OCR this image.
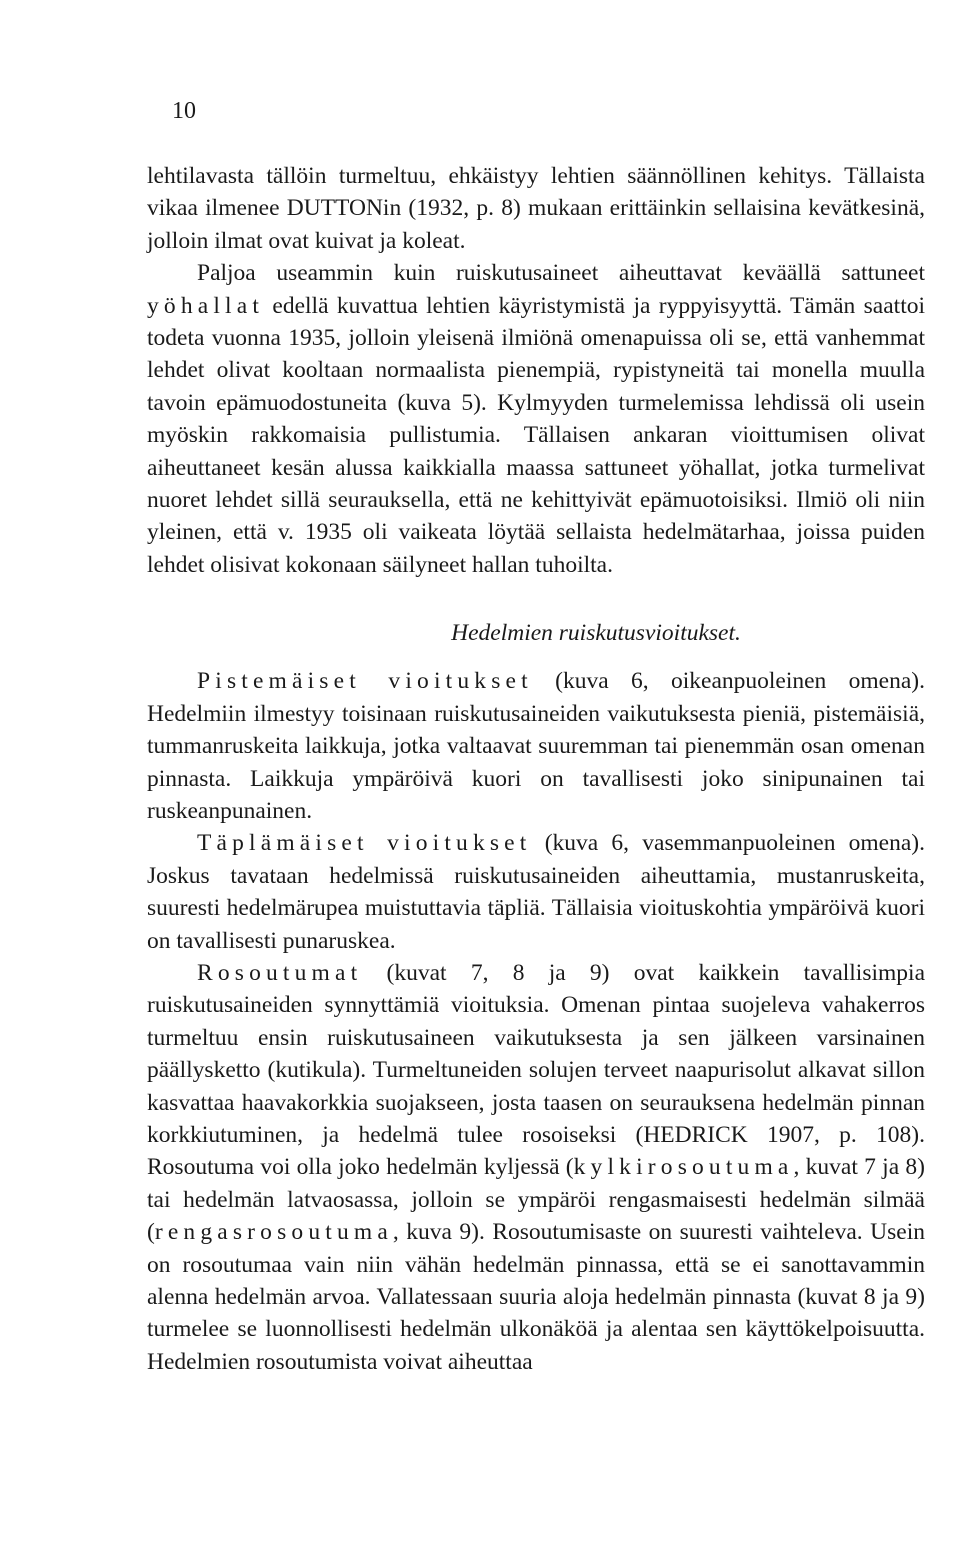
10

lehtilavasta tällöin turmeltuu, ehkäistyy lehtien säännöllinen kehitys. Tällaista vikaa ilmenee DUTTONin (1932, p. 8) mukaan erittäinkin sellaisina kevätkesinä, jolloin ilmat ovat kuivat ja koleat.

Paljoa useammin kuin ruiskutusaineet aiheuttavat keväällä sattuneet yöhallat edellä kuvattua lehtien käyristymistä ja ryppyisyyttä. Tämän saattoi todeta vuonna 1935, jolloin yleisenä ilmiönä omenapuissa oli se, että vanhemmat lehdet olivat kooltaan normaalista pienempiä, rypistyneitä tai monella muulla tavoin epämuodostuneita (kuva 5). Kylmyyden turmelemissa lehdissä oli usein myöskin rakkomaisia pullistumia. Tällaisen ankaran vioittumisen olivat aiheuttaneet kesän alussa kaikkialla maassa sattuneet yöhallat, jotka turmelivat nuoret lehdet sillä seurauksella, että ne kehittyivät epämuotoisiksi. Ilmiö oli niin yleinen, että v. 1935 oli vaikeata löytää sellaista hedelmätarhaa, joissa puiden lehdet olisivat kokonaan säilyneet hallan tuhoilta.

Hedelmien ruiskutusvioitukset.

Pistemäiset vioitukset (kuva 6, oikeanpuoleinen omena). Hedelmiin ilmestyy toisinaan ruiskutusaineiden vaikutuksesta pieniä, pistemäisiä, tummanruskeita laikkuja, jotka valtaavat suuremman tai pienemmän osan omenan pinnasta. Laikkuja ympäröivä kuori on tavallisesti joko sinipunainen tai ruskeanpunainen.

Täplämäiset vioitukset (kuva 6, vasemmanpuoleinen omena). Joskus tavataan hedelmissä ruiskutusaineiden aiheuttamia, mustanruskeita, suuresti hedelmärupea muistuttavia täpliä. Tällaisia vioituskohtia ympäröivä kuori on tavallisesti punaruskea.

Rosoutumat (kuvat 7, 8 ja 9) ovat kaikkein tavallisimpia ruiskutusaineiden synnyttämiä vioituksia. Omenan pintaa suojeleva vahakerros turmeltuu ensin ruiskutusaineen vaikutuksesta ja sen jälkeen varsinainen päällysketto (kutikula). Turmeltuneiden solujen terveet naapurisolut alkavat sillon kasvattaa haavakorkkia suojakseen, josta taasen on seurauksena hedelmän pinnan korkkiutuminen, ja hedelmä tulee rosoiseksi (HEDRICK 1907, p. 108). Rosoutuma voi olla joko hedelmän kyljessä (kylkirosoutuma, kuvat 7 ja 8) tai hedelmän latvaosassa, jolloin se ympäröi rengasmaisesti hedelmän silmää (rengasrosoutuma, kuva 9). Rosoutumisaste on suuresti vaihteleva. Usein on rosoutumaa vain niin vähän hedelmän pinnassa, että se ei sanottavammin alenna hedelmän arvoa. Vallatessaan suuria aloja hedelmän pinnasta (kuvat 8 ja 9) turmelee se luonnollisesti hedelmän ulkonäköä ja alentaa sen käyttökelpoisuutta. Hedelmien rosoutumista voivat aiheuttaa
